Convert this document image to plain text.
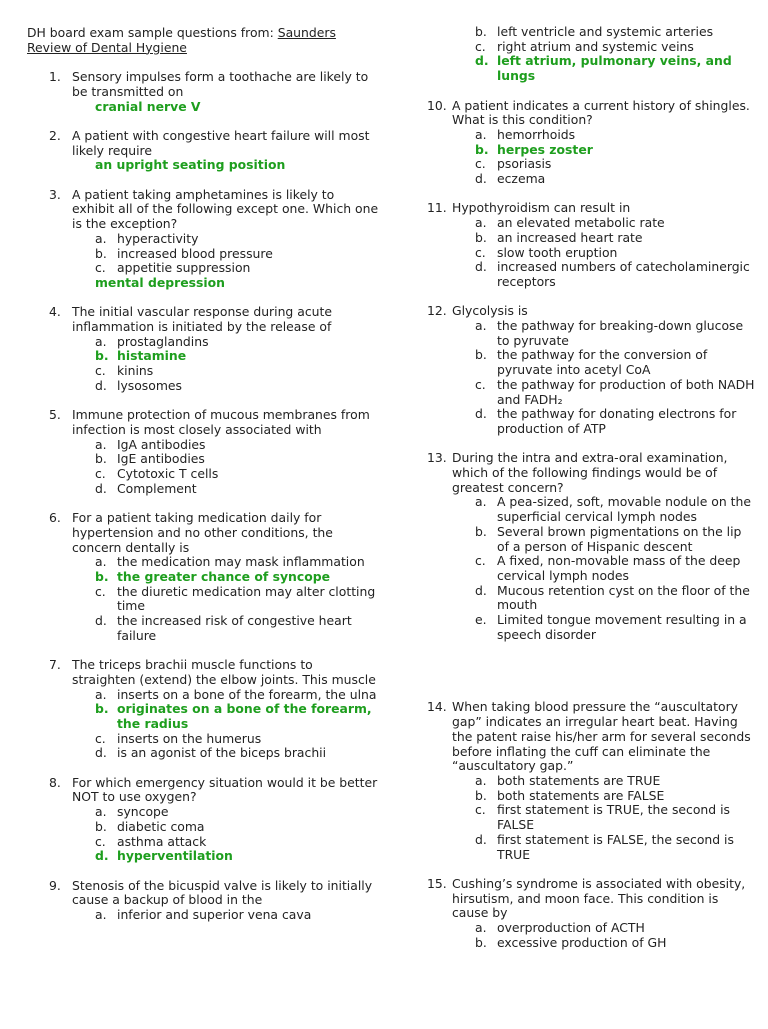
DH board exam sample questions from: Saunders
Review of Dental Hygiene
1. Sensory impulses form a toothache are likely to be transmitted on
cranial nerve V
2. A patient with congestive heart failure will most likely require
an upright seating position
3. A patient taking amphetamines is likely to exhibit all of the following except one. Which one is the exception?
a. hyperactivity
b. increased blood pressure
c. appetitie suppression
mental depression
4. The initial vascular response during acute inflammation is initiated by the release of
a. prostaglandins
b. histamine
c. kinins
d. lysosomes
5. Immune protection of mucous membranes from infection is most closely associated with
a. IgA antibodies
b. IgE antibodies
c. Cytotoxic T cells
d. Complement
6. For a patient taking medication daily for hypertension and no other conditions, the concern dentally is
a. the medication may mask inflammation
b. the greater chance of syncope
c. the diuretic medication may alter clotting time
d. the increased risk of congestive heart failure
7. The triceps brachii muscle functions to straighten (extend) the elbow joints. This muscle
a. inserts on a bone of the forearm, the ulna
b. originates on a bone of the forearm, the radius
c. inserts on the humerus
d. is an agonist of the biceps brachii
8. For which emergency situation would it be better NOT to use oxygen?
a. syncope
b. diabetic coma
c. asthma attack
d. hyperventilation
9. Stenosis of the bicuspid valve is likely to initially cause a backup of blood in the
a. inferior and superior vena cava
b. left ventricle and systemic arteries
c. right atrium and systemic veins
d. left atrium, pulmonary veins, and lungs
10. A patient indicates a current history of shingles. What is this condition?
a. hemorrhoids
b. herpes zoster
c. psoriasis
d. eczema
11. Hypothyroidism can result in
a. an elevated metabolic rate
b. an increased heart rate
c. slow tooth eruption
d. increased numbers of catecholaminergic receptors
12. Glycolysis is
a. the pathway for breaking-down glucose to pyruvate
b. the pathway for the conversion of pyruvate into acetyl CoA
c. the pathway for production of both NADH and FADH₂
d. the pathway for donating electrons for production of ATP
13. During the intra and extra-oral examination, which of the following findings would be of greatest concern?
a. A pea-sized, soft, movable nodule on the superficial cervical lymph nodes
b. Several brown pigmentations on the lip of a person of Hispanic descent
c. A fixed, non-movable mass of the deep cervical lymph nodes
d. Mucous retention cyst on the floor of the mouth
e. Limited tongue movement resulting in a speech disorder
14. When taking blood pressure the “auscultatory gap” indicates an irregular heart beat. Having the patent raise his/her arm for several seconds before inflating the cuff can eliminate the “auscultatory gap.”
a. both statements are TRUE
b. both statements are FALSE
c. first statement is TRUE, the second is FALSE
d. first statement is FALSE, the second is TRUE
15. Cushing’s syndrome is associated with obesity, hirsutism, and moon face. This condition is cause by
a. overproduction of ACTH
b. excessive production of GH
